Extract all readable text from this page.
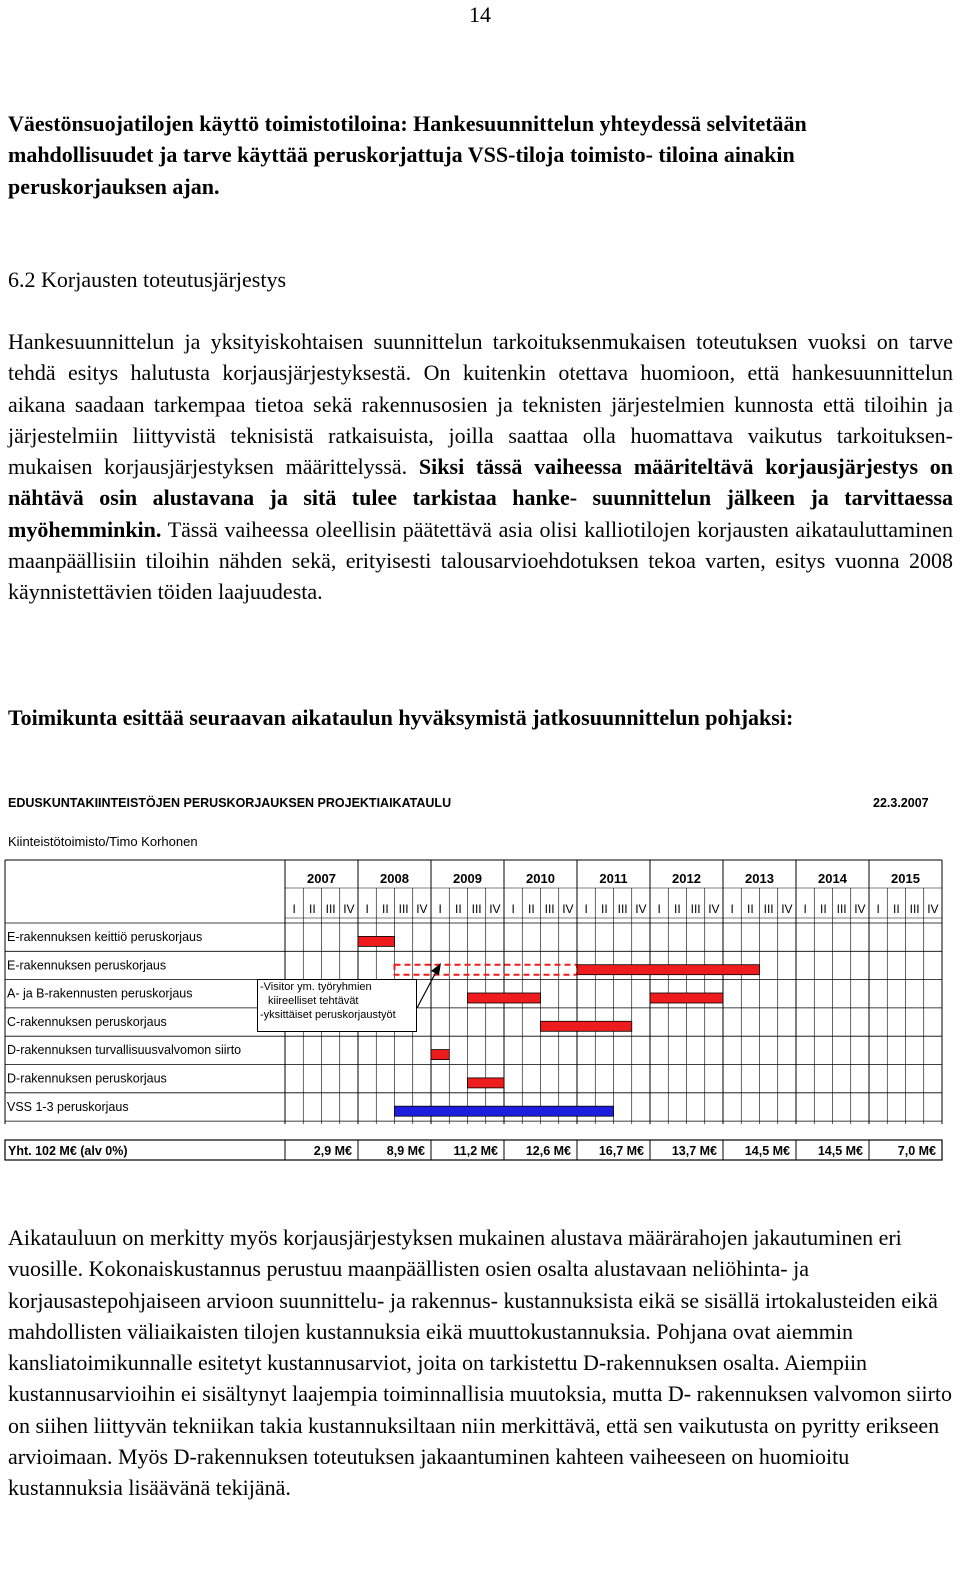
14

Väestönsuojatilojen käyttö toimistotiloina: Hankesuunnittelun yhteydessä selvitetään mahdollisuudet ja tarve käyttää peruskorjattuja VSS-tiloja toimisto- tiloina ainakin peruskorjauksen ajan.

6.2 Korjausten toteutusjärjestys

Hankesuunnittelun ja yksityiskohtaisen suunnittelun tarkoituksenmukaisen toteutuksen vuoksi on tarve tehdä esitys halutusta korjausjärjestyksestä. On kuitenkin otettava huomioon, että hankesuunnittelun aikana saadaan tarkempaa tietoa sekä rakennusosien ja teknisten järjestelmien kunnosta että tiloihin ja järjestelmiin liittyvistä teknisistä ratkaisuista, joilla saattaa olla huomattava vaikutus tarkoituksen- mukaisen korjausjärjestyksen määrittelyssä. Siksi tässä vaiheessa määriteltävä korjausjärjestys on nähtävä osin alustavana ja sitä tulee tarkistaa hanke- suunnittelun jälkeen ja tarvittaessa myöhemminkin. Tässä vaiheessa oleellisin päätettävä asia olisi kalliotilojen korjausten aikatauluttaminen maanpäällisiin tiloihin nähden sekä, erityisesti talousarvioehdotuksen tekoa varten, esitys vuonna 2008 käynnistettävien töiden laajuudesta.

Toimikunta esittää seuraavan aikataulun hyväksymistä jatkosuunnittelun pohjaksi:

EDUSKUNTAKIINTEISTÖJEN PERUSKORJAUKSEN PROJEKTIAIKATAULU	22.3.2007
Kiinteistötoimisto/Timo Korhonen
E-rakennuksen keittiö peruskorjaus
E-rakennuksen peruskorjaus
A- ja B-rakennusten peruskorjaus
C-rakennuksen peruskorjaus
D-rakennuksen turvallisuusvalvomon siirto
D-rakennuksen peruskorjaus
VSS 1-3 peruskorjaus
2007
I II III IV
2008
I II III IV
2009
I II III IV
2010
I II III IV
2011
I II III IV
2012
I II III IV
2013
I II III IV
2014
I II III IV
2015
I II III IV
Yht. 102 M€ (alv 0%)	2,9 M€	8,9 M€ 11,2 M€ 12,6 M€ 16,7 M€ 13,7 M€ 14,5 M€ 14,5 M€	7,0 M€
-Visitor ym. työryhmien
kiireelliset tehtävät
-yksittäiset peruskorjaustyöt

Aikatauluun on merkitty myös korjausjärjestyksen mukainen alustava määrärahojen jakautuminen eri vuosille. Kokonaiskustannus perustuu maanpäällisten osien osalta alustavaan neliöhinta- ja korjausastepohjaiseen arvioon suunnittelu- ja rakennus- kustannuksista eikä se sisällä irtokalusteiden eikä mahdollisten väliaikaisten tilojen kustannuksia eikä muuttokustannuksia. Pohjana ovat aiemmin kansliatoimikunnalle esitetyt kustannusarviot, joita on tarkistettu D-rakennuksen osalta. Aiempiin kustannusarvioihin ei sisältynyt laajempia toiminnallisia muutoksia, mutta D- rakennuksen valvomon siirto on siihen liittyvän tekniikan takia kustannuksiltaan niin merkittävä, että sen vaikutusta on pyritty erikseen arvioimaan. Myös D-rakennuksen toteutuksen jakaantuminen kahteen vaiheeseen on huomioitu kustannuksia lisäävänä tekijänä.
